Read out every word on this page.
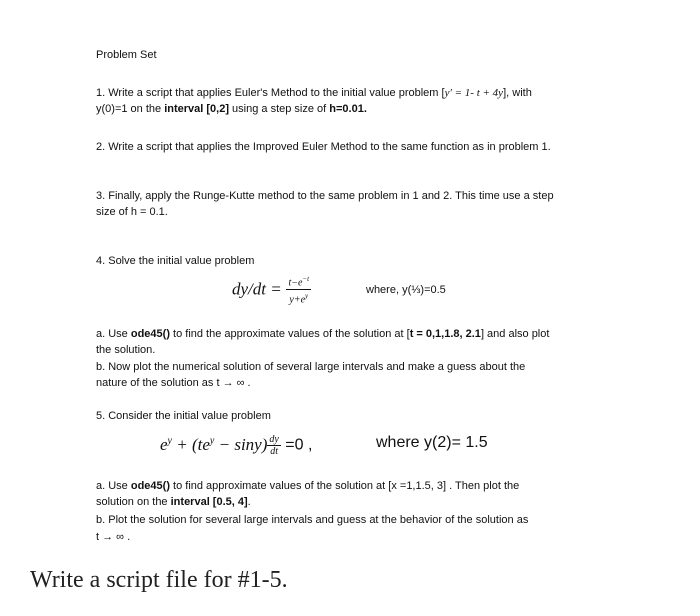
Problem Set
1. Write a script that applies Euler's Method to the initial value problem [y′ = 1- t + 4y], with
y(0)=1 on the interval [0,2] using a step size of h=0.01.
2. Write a script that applies the Improved Euler Method to the same function as in problem 1.
3. Finally, apply the Runge-Kutte method to the same problem in 1 and 2. This time use a step
size of h = 0.1.
4. Solve the initial value problem
$dy/dt = \frac{t-e^{-t}}{y+e^y}$	where, y(⅓)=0.5
a. Use ode45() to find the approximate values of the solution at [t = 0,1,1.8, 2.1] and also plot
the solution.
b. Now plot the numerical solution of several large intervals and make a guess about the
nature of the solution as t → ∞ .
5. Consider the initial value problem
$e^y + (te^y - \sin y) \frac{dy}{dt} =0$ ,	where y(2)= 1.5
a. Use ode45() to find approximate values of the solution at [x =1,1.5, 3] . Then plot the
solution on the interval [0.5, 4].
b. Plot the solution for several large intervals and guess at the behavior of the solution as
t → ∞ .
Write a script file for #1-5.
